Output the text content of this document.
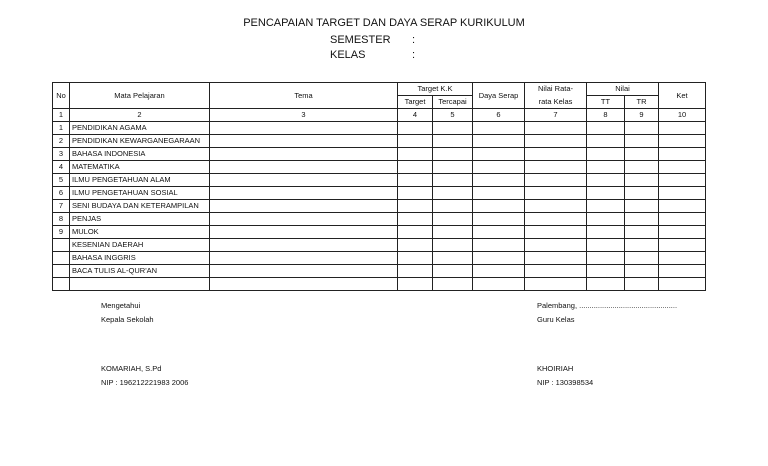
PENCAPAIAN TARGET DAN DAYA SERAP KURIKULUM
SEMESTER :
KELAS	:
No	Mata Pelajaran	Tema	Target K.K		Daya Serap	Nilai Rata-	Nilai		Ket
			Target	Tercapai		rata Kelas	TT	TR	
1	2	3	4	5	6	7	8	9	10
1	PENDIDIKAN AGAMA								
2	PENDIDIKAN KEWARGANEGARAAN								
3	BAHASA INDONESIA								
4	MATEMATIKA								
5	ILMU PENGETAHUAN ALAM								
6	ILMU PENGETAHUAN SOSIAL								
7	SENI BUDAYA DAN KETERAMPILAN								
8	PENJAS								
9	MULOK								
	KESENIAN DAERAH								
	BAHASA INGGRIS								
	BACA TULIS AL-QUR'AN								

Mengetahui
Kepala Sekolah
KOMARIAH, S.Pd
NIP : 196212221983 2006
Palembang, ...............................................
Guru Kelas
KHOIRIAH
NIP : 130398534
